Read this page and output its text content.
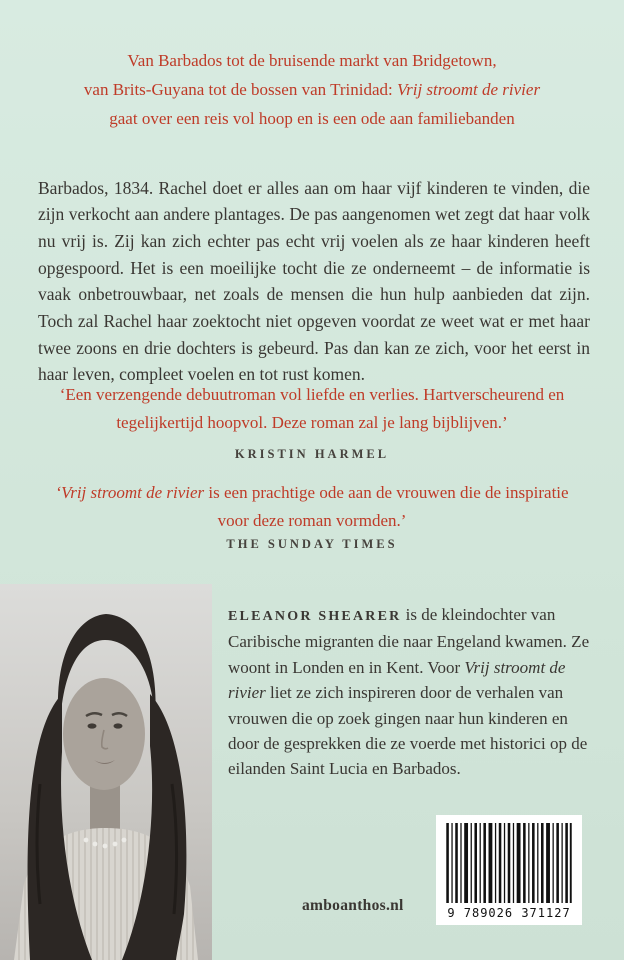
Van Barbados tot de bruisende markt van Bridgetown,
van Brits-Guyana tot de bossen van Trinidad: Vrij stroomt de rivier
gaat over een reis vol hoop en is een ode aan familiebanden

Barbados, 1834. Rachel doet er alles aan om haar vijf kinderen te vinden, die zijn verkocht aan andere plantages. De pas aangenomen wet zegt dat haar volk nu vrij is. Zij kan zich echter pas echt vrij voelen als ze haar kinderen heeft opgespoord. Het is een moeilijke tocht die ze onderneemt – de informatie is vaak onbetrouwbaar, net zoals de mensen die hun hulp aanbieden dat zijn. Toch zal Rachel haar zoektocht niet opgeven voordat ze weet wat er met haar twee zoons en drie dochters is gebeurd. Pas dan kan ze zich, voor het eerst in haar leven, compleet voelen en tot rust komen.

‘Een verzengende debuutroman vol liefde en verlies. Hartverscheurend en tegelijkertijd hoopvol. Deze roman zal je lang bijblijven.’
KRISTIN HARMEL
‘Vrij stroomt de rivier is een prachtige ode aan de vrouwen die de inspiratie voor deze roman vormden.’
THE SUNDAY TIMES

ELEANOR SHEARER is de kleindochter van Caribische migranten die naar Engeland kwamen. Ze woont in Londen en in Kent. Voor Vrij stroomt de rivier liet ze zich inspireren door de verhalen van vrouwen die op zoek gingen naar hun kinderen en door de gesprekken die ze voerde met historici op de eilanden Saint Lucia en Barbados.

amboanthos.nl	9 789026 371127
